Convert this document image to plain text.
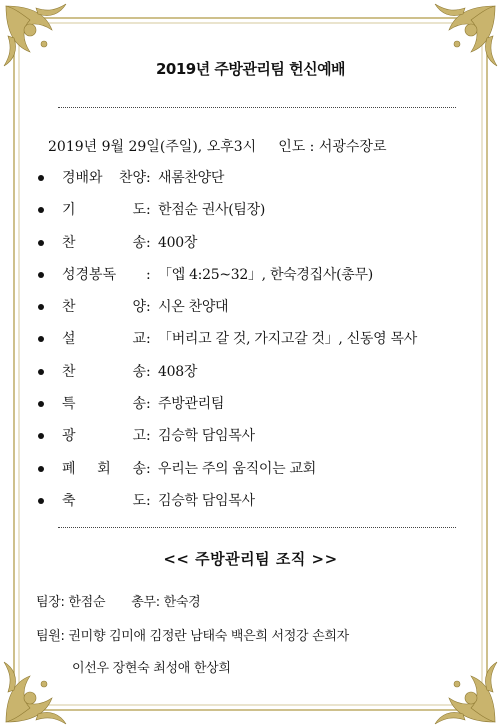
2019년 주방관리팀 헌신예배
2019년 9월 29일(주일), 오후3시 인도 : 서광수장로
경배와 찬양 : 새롬찬양단
기 도 : 한점순 권사(팀장)
찬 송 : 400장
성경봉독	: 「엡 4:25~32」, 한숙경집사(총무)
찬 양 : 시온 찬양대
설 교 : 「버리고 갈 것, 가지고갈 것」, 신동영 목사
찬 송 : 408장
특 송 : 주방관리팀
광 고 : 김승학 담임목사
폐 회 송 : 우리는 주의 움직이는 교회
축 도 : 김승학 담임목사
<< 주방관리팀 조직 >>
팀장: 한점순 총무: 한숙경
팀원: 권미향 김미애 김정란 남태숙 백은희 서정강 손희자
이선우 장현숙 최성애 한상희
